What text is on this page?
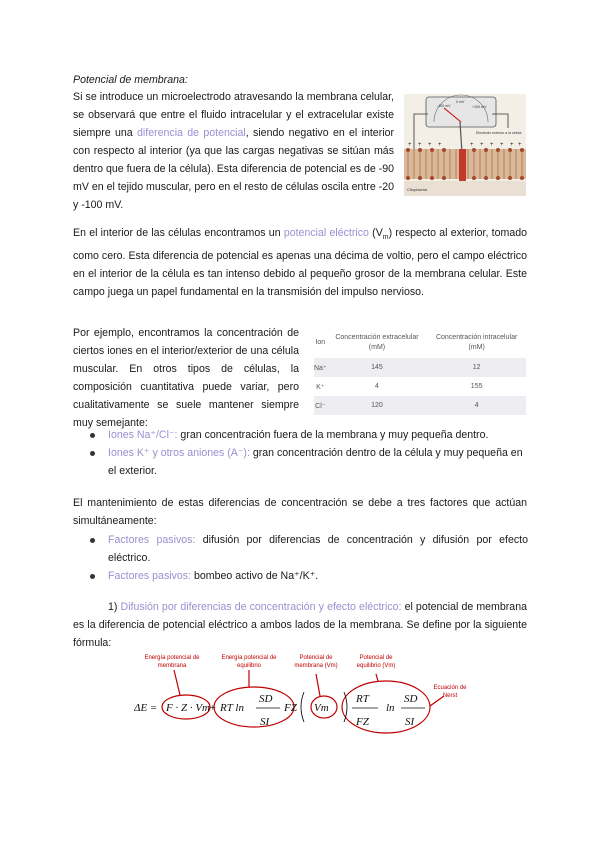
Potencial de membrana:

Si se introduce un microelectrodo atravesando la membrana celular, se observará que entre el fluido intracelular y el extracelular existe siempre una diferencia de potencial, siendo negativo en el interior con respecto al interior (ya que las cargas negativas se sitúan más dentro que fuera de la célula). Esta diferencia de potencial es de -90 mV en el tejido muscular, pero en el resto de células oscila entre -20 y -100 mV.

-100 mV
0 mV
+100 mV
Electrodo exterior a la célula
+ + + +	+ + + + + +
Citoplasma

En el interior de las células encontramos un potencial eléctrico $(V_m)$ respecto al exterior, tomado como cero. Esta diferencia de potencial es apenas una décima de voltio, pero el campo eléctrico en el interior de la célula es tan intenso debido al pequeño grosor de la membrana celular. Este campo juega un papel fundamental en la transmisión del impulso nervioso.

Por ejemplo, encontramos la concentración de ciertos iones en el interior/exterior de una célula muscular. En otros tipos de células, la composición cuantitativa puede variar, pero cualitativamente se suele mantener siempre muy semejante:

Ion	Concentración extracelular (mM)	Concentración intracelular (mM)
Na⁺	145	12
K⁺	4	155
Cl⁻	120	4

Iones Na⁺/Cl⁻: gran concentración fuera de la membrana y muy pequeña dentro.

Iones K⁺ y otros aniones (A⁻): gran concentración dentro de la célula y muy pequeña en el exterior.

El mantenimiento de estas diferencias de concentración se debe a tres factores que actúan simultáneamente:

Factores pasivos: difusión por diferencias de concentración y difusión por efecto eléctrico.

Factores pasivos: bombeo activo de Na⁺/K⁺.

1) Difusión por diferencias de concentración y efecto eléctrico: el potencial de membrana es la diferencia de potencial eléctrico a ambos lados de la membrana. Se define por la siguiente fórmula:

Energía potencial de membrana
Energía potencial de equilibrio
Potencial de membrana (Vm)
Potencial de equilibrio (Vm)
Ecuación de Nerst
ΔE = F · Z · Vm + RT ln
SD
SI
FZ Vm
RT
FZ
ln
SD
SI
